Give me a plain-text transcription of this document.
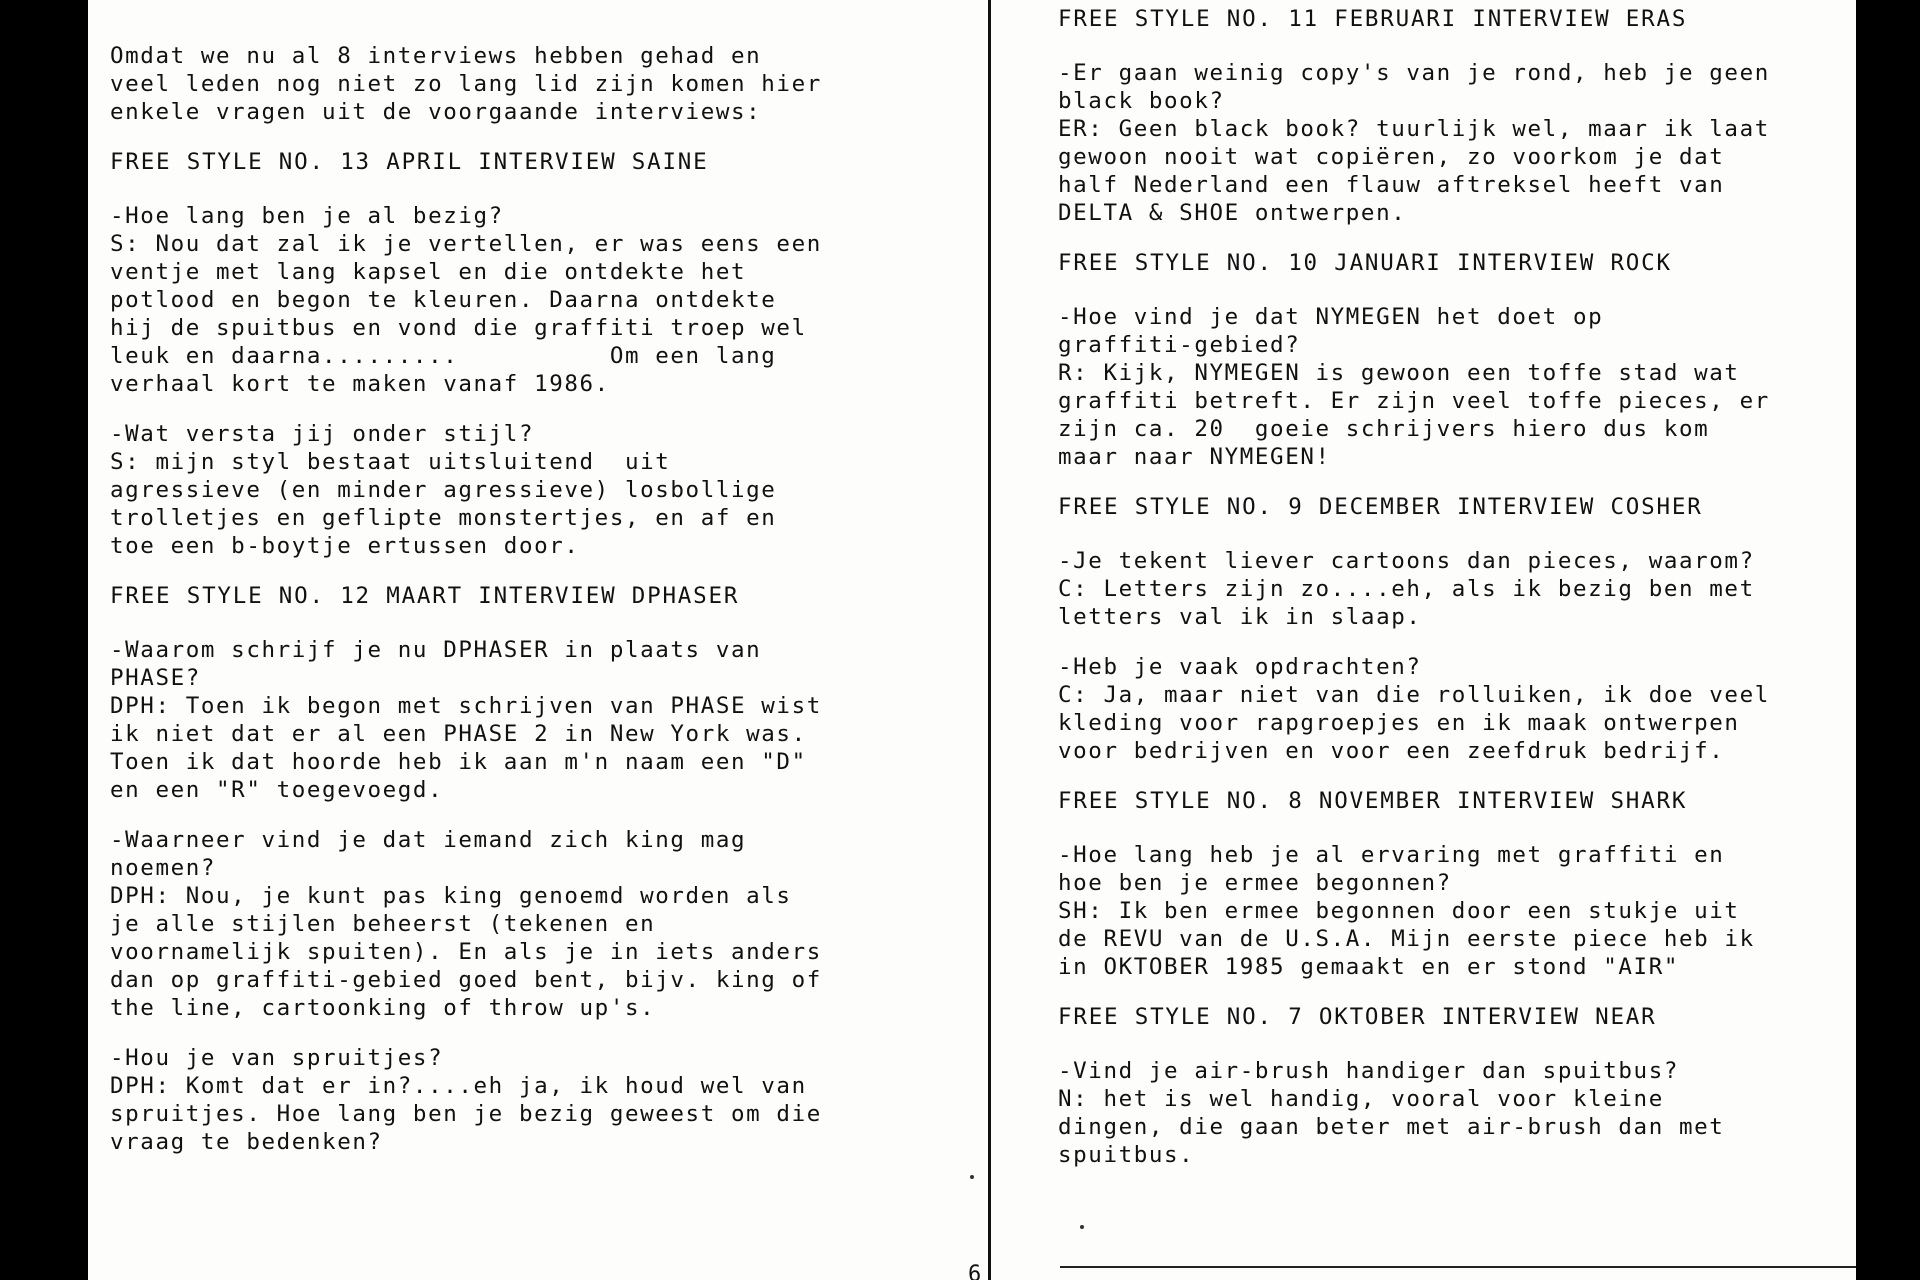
Omdat we nu al 8 interviews hebben gehad en
veel leden nog niet zo lang lid zijn komen hier
enkele vragen uit de voorgaande interviews:
FREE STYLE NO. 13 APRIL INTERVIEW SAINE
-Hoe lang ben je al bezig?
S: Nou dat zal ik je vertellen, er was eens een
ventje met lang kapsel en die ontdekte het
potlood en begon te kleuren. Daarna ontdekte
hij de spuitbus en vond die graffiti troep wel
leuk en daarna.........          Om een lang
verhaal kort te maken vanaf 1986.
-Wat versta jij onder stijl?
S: mijn styl bestaat uitsluitend  uit
agressieve (en minder agressieve) losbollige
trolletjes en geflipte monstertjes, en af en
toe een b-boytje ertussen door.
FREE STYLE NO. 12 MAART INTERVIEW DPHASER
-Waarom schrijf je nu DPHASER in plaats van
PHASE?
DPH: Toen ik begon met schrijven van PHASE wist
ik niet dat er al een PHASE 2 in New York was.
Toen ik dat hoorde heb ik aan m'n naam een "D"
en een "R" toegevoegd.
-Waarneer vind je dat iemand zich king mag
noemen?
DPH: Nou, je kunt pas king genoemd worden als
je alle stijlen beheerst (tekenen en
voornamelijk spuiten). En als je in iets anders
dan op graffiti-gebied goed bent, bijv. king of
the line, cartoonking of throw up's.
-Hou je van spruitjes?
DPH: Komt dat er in?....eh ja, ik houd wel van
spruitjes. Hoe lang ben je bezig geweest om die
vraag te bedenken?
6
FREE STYLE NO. 11 FEBRUARI INTERVIEW ERAS
-Er gaan weinig copy's van je rond, heb je geen
black book?
ER: Geen black book? tuurlijk wel, maar ik laat
gewoon nooit wat copiëren, zo voorkom je dat
half Nederland een flauw aftreksel heeft van
DELTA & SHOE ontwerpen.
FREE STYLE NO. 10 JANUARI INTERVIEW ROCK
-Hoe vind je dat NYMEGEN het doet op
graffiti-gebied?
R: Kijk, NYMEGEN is gewoon een toffe stad wat
graffiti betreft. Er zijn veel toffe pieces, er
zijn ca. 20  goeie schrijvers hiero dus kom
maar naar NYMEGEN!
FREE STYLE NO. 9 DECEMBER INTERVIEW COSHER
-Je tekent liever cartoons dan pieces, waarom?
C: Letters zijn zo....eh, als ik bezig ben met
letters val ik in slaap.
-Heb je vaak opdrachten?
C: Ja, maar niet van die rolluiken, ik doe veel
kleding voor rapgroepjes en ik maak ontwerpen
voor bedrijven en voor een zeefdruk bedrijf.
FREE STYLE NO. 8 NOVEMBER INTERVIEW SHARK
-Hoe lang heb je al ervaring met graffiti en
hoe ben je ermee begonnen?
SH: Ik ben ermee begonnen door een stukje uit
de REVU van de U.S.A. Mijn eerste piece heb ik
in OKTOBER 1985 gemaakt en er stond "AIR"
FREE STYLE NO. 7 OKTOBER INTERVIEW NEAR
-Vind je air-brush handiger dan spuitbus?
N: het is wel handig, vooral voor kleine
dingen, die gaan beter met air-brush dan met
spuitbus.
